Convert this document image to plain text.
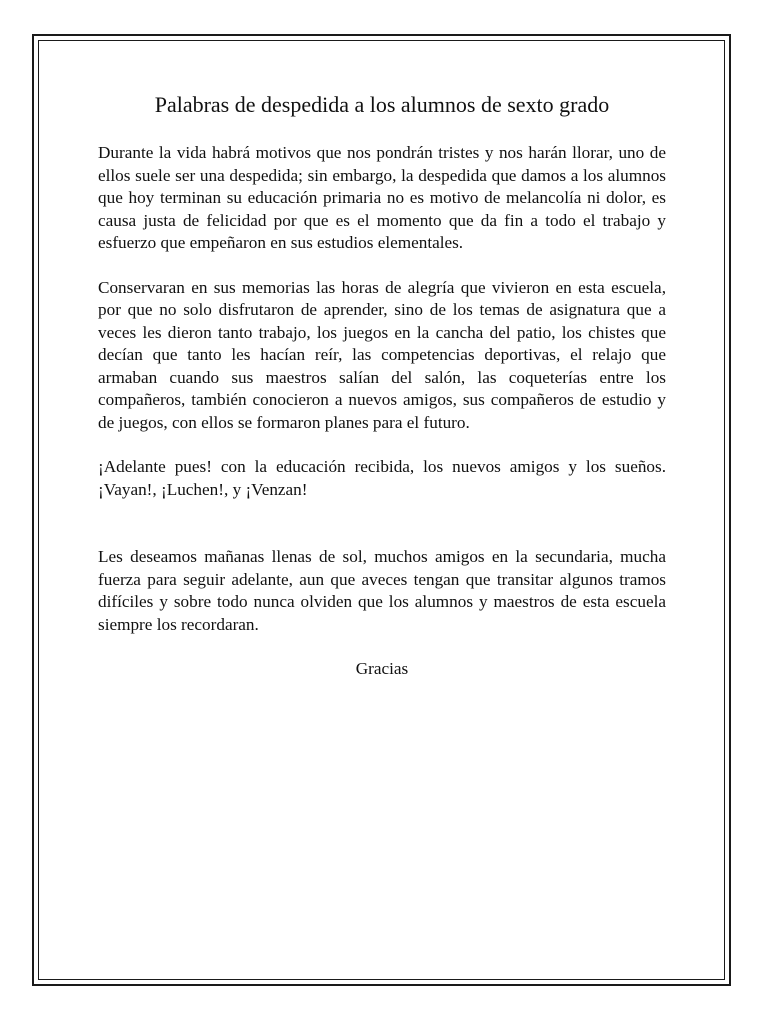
Palabras de despedida a los alumnos de sexto grado

Durante la vida habrá motivos que nos pondrán tristes y nos harán llorar, uno de ellos suele ser una despedida; sin embargo, la despedida que damos a los alumnos que hoy terminan su educación primaria no es motivo de melancolía ni dolor, es causa justa de felicidad por que es el momento que da fin a todo el trabajo y esfuerzo que empeñaron en sus estudios elementales.

Conservaran en sus memorias las horas de alegría que vivieron en esta escuela, por que no solo disfrutaron de aprender, sino de los temas de asignatura que a veces les dieron tanto trabajo, los juegos en la cancha del patio, los chistes que decían que tanto les hacían reír, las competencias deportivas, el relajo que armaban cuando sus maestros salían del salón, las coqueterías entre los compañeros, también conocieron a nuevos amigos, sus compañeros de estudio y de juegos, con ellos se formaron planes para el futuro.

¡Adelante pues! con la educación recibida, los nuevos amigos y los sueños. ¡Vayan!, ¡Luchen!, y ¡Venzan!

Les deseamos mañanas llenas de sol, muchos amigos en la secundaria, mucha fuerza para seguir adelante, aun que aveces tengan que transitar algunos tramos difíciles y sobre todo nunca olviden que los alumnos y maestros de esta escuela siempre los recordaran.

Gracias
